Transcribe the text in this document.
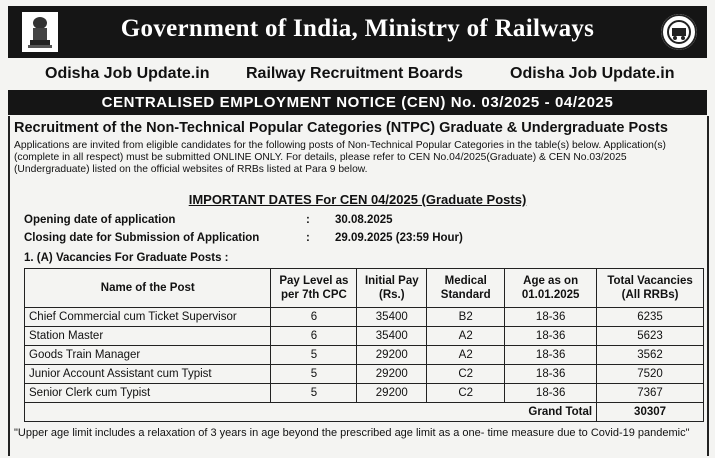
Government of India, Ministry of Railways
Odisha Job Update.in Railway Recruitment Boards	Odisha Job Update.in
CENTRALISED EMPLOYMENT NOTICE (CEN) No. 03/2025 - 04/2025
Recruitment of the Non-Technical Popular Categories (NTPC) Graduate & Undergraduate Posts
Applications are invited from eligible candidates for the following posts of Non-Technical Popular Categories in the table(s) below. Application(s) (complete in all respect) must be submitted ONLINE ONLY. For details, please refer to CEN No.04/2025(Graduate) & CEN No.03/2025 (Undergraduate) listed on the official websites of RRBs listed at Para 9 below.
IMPORTANT DATES For CEN 04/2025 (Graduate Posts)
Opening date of application	: 30.08.2025
Closing date for Submission of Application	: 29.09.2025 (23:59 Hour)
1. (A) Vacancies For Graduate Posts :
Name of the Post	Pay Level as per 7th CPC	Initial Pay (Rs.)	Medical Standard	Age as on 01.01.2025	Total Vacancies (All RRBs)
Chief Commercial cum Ticket Supervisor	6	35400	B2	18-36	6235
Station Master	6	35400	A2	18-36	5623
Goods Train Manager	5	29200	A2	18-36	3562
Junior Account Assistant cum Typist	5	29200	C2	18-36	7520
Senior Clerk cum Typist	5	29200	C2	18-36	7367
Grand Total					30307
"Upper age limit includes a relaxation of 3 years in age beyond the prescribed age limit as a one- time measure due to Covid-19 pandemic"
